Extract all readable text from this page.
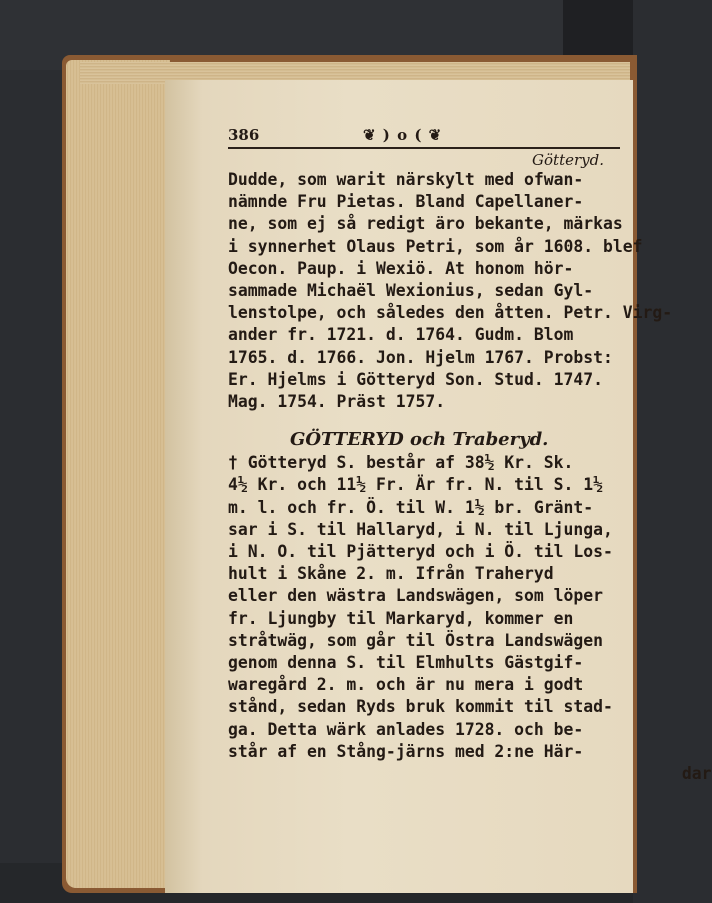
386	❦ ) o ( ❦
Götteryd.
Dudde, som warit närskylt med ofwan-
nämnde Fru Pietas. Bland Capellaner-
ne, som ej så redigt äro bekante, märkas
i synnerhet Olaus Petri, som år 1608.
Oecon. Paup. i Wexiö. At honom hör-
sammade Michaël Wexionius, sedan Gyl-
lenstolpe, och således den åtten. Petr. Virg-
ander fr. 1721. d. 1764. Gudm. Blom
1765. d. 1766. Jon. Hjelm 1767. Probst:
Er. Hjelms i Götteryd Son. Stud. 1747.
Mag. 1754. Präst 1757.
GÖTTERYD och Traberyd.
† Götteryd S. består af 38½ Kr. Sk.
4½ Kr. och 11½ Fr. Är fr. N. til S. 1½
m. l. och fr. Ö. til W. 1½ br. Gränt-
sar i S. til Hallaryd, i N. til Ljunga,
i N. O. til Pjätteryd och i Ö. til Los-
hult i Skåne 2. m. Ifrån Traheryd
eller den wästra Landswägen, som löper
fr. Ljungby til Markaryd, kommer en
stråtwäg, som går til Östra Landswägen
genom denna S. til Elmhults Gästgif-
waregård 2. m. och är nu mera i godt
stånd, sedan Ryds bruk kommit til stad-
ga. Detta wärk anlades 1728. och be-
står af en Stång-järns med 2:ne Här-
dar
